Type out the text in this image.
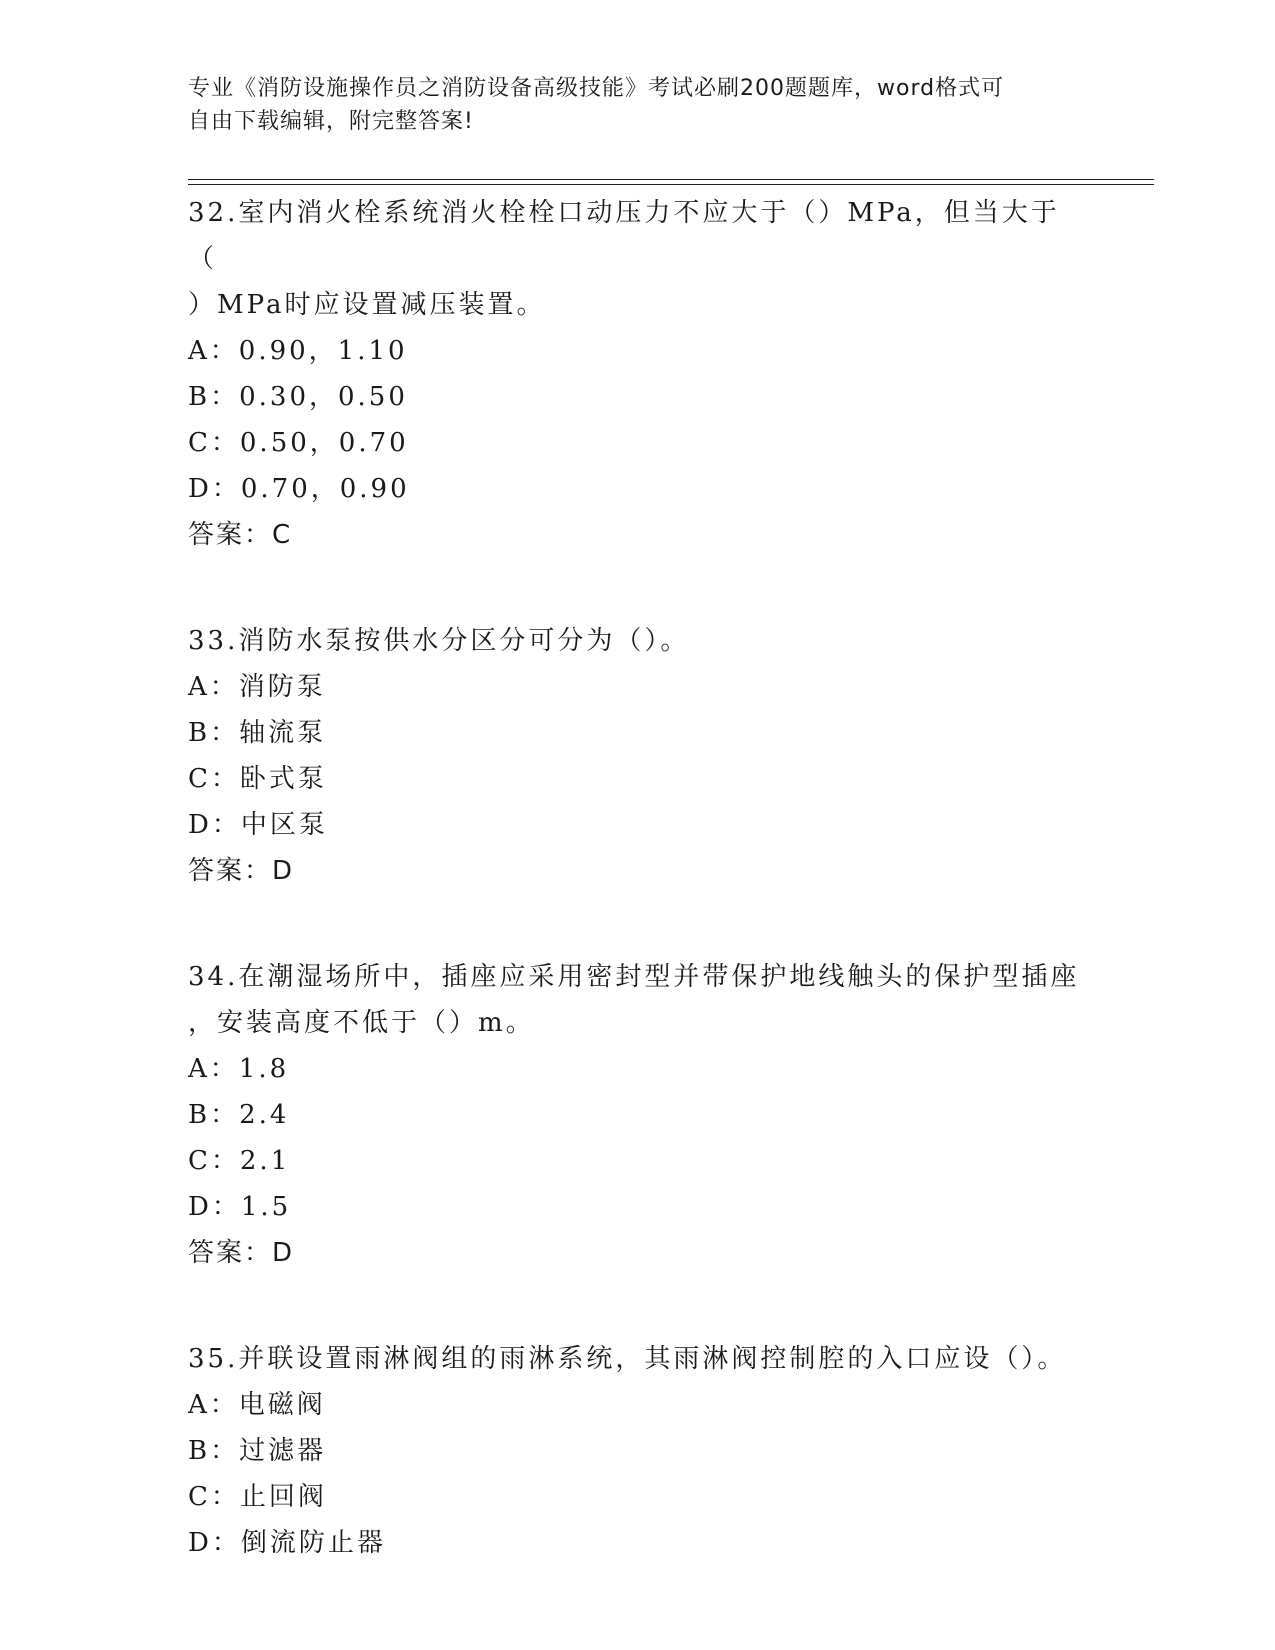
专业《消防设施操作员之消防设备高级技能》考试必刷200题题库，word格式可
自由下载编辑，附完整答案!
32.室内消火栓系统消火栓栓口动压力不应大于（）MPa，但当大于（
）MPa时应设置减压装置。
A：0.90，1.10
B：0.30，0.50
C：0.50，0.70
D：0.70，0.90
答案：C
33.消防水泵按供水分区分可分为（）。
A：消防泵
B：轴流泵
C：卧式泵
D：中区泵
答案：D
34.在潮湿场所中，插座应采用密封型并带保护地线触头的保护型插座
，安装高度不低于（）m。
A：1.8
B：2.4
C：2.1
D：1.5
答案：D
35.并联设置雨淋阀组的雨淋系统，其雨淋阀控制腔的入口应设（）。
A：电磁阀
B：过滤器
C：止回阀
D：倒流防止器
